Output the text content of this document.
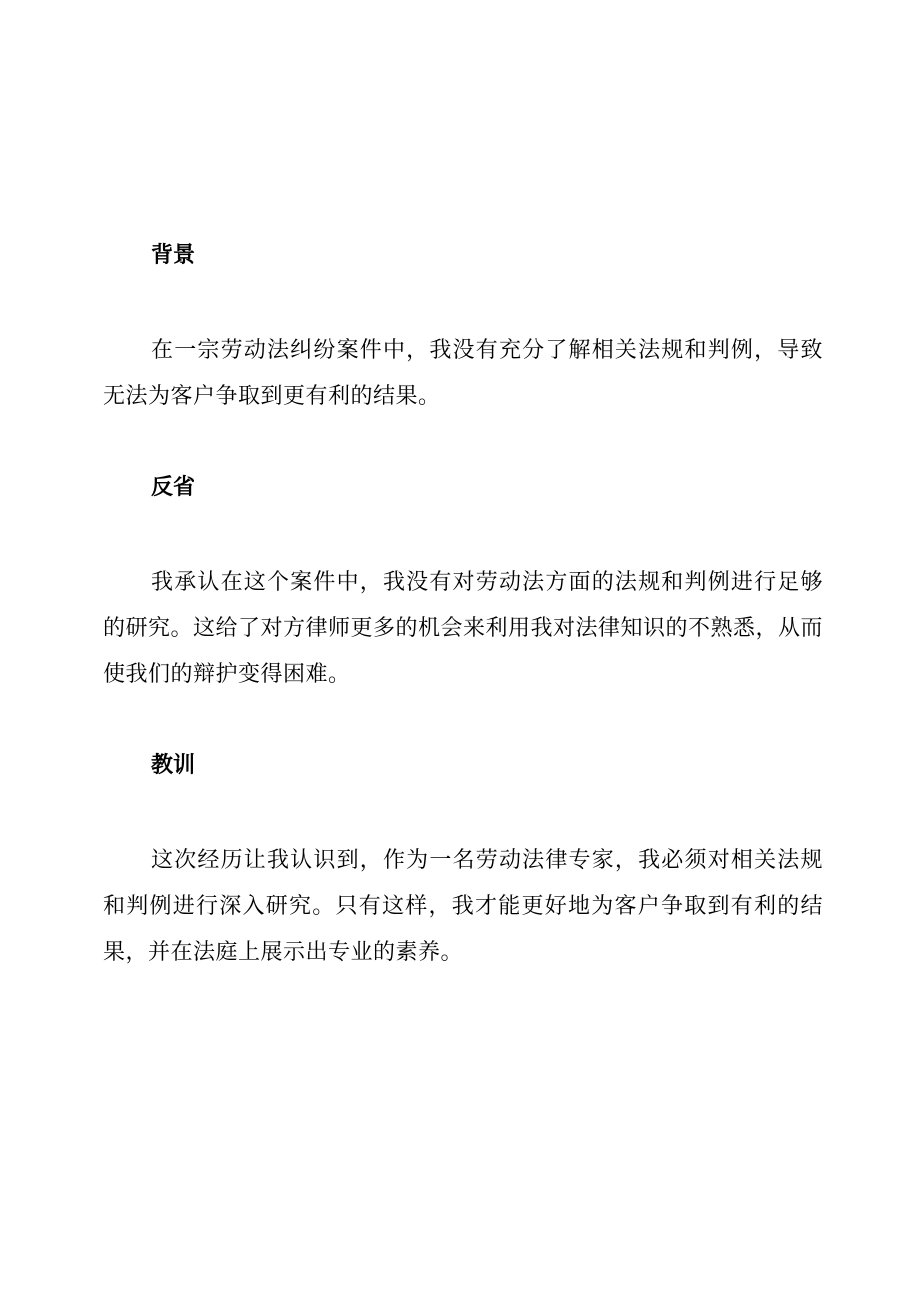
背景

在一宗劳动法纠纷案件中，我没有充分了解相关法规和判例，导致无法为客户争取到更有利的结果。

反省

我承认在这个案件中，我没有对劳动法方面的法规和判例进行足够的研究。这给了对方律师更多的机会来利用我对法律知识的不熟悉，从而使我们的辩护变得困难。

教训

这次经历让我认识到，作为一名劳动法律专家，我必须对相关法规和判例进行深入研究。只有这样，我才能更好地为客户争取到有利的结果，并在法庭上展示出专业的素养。
